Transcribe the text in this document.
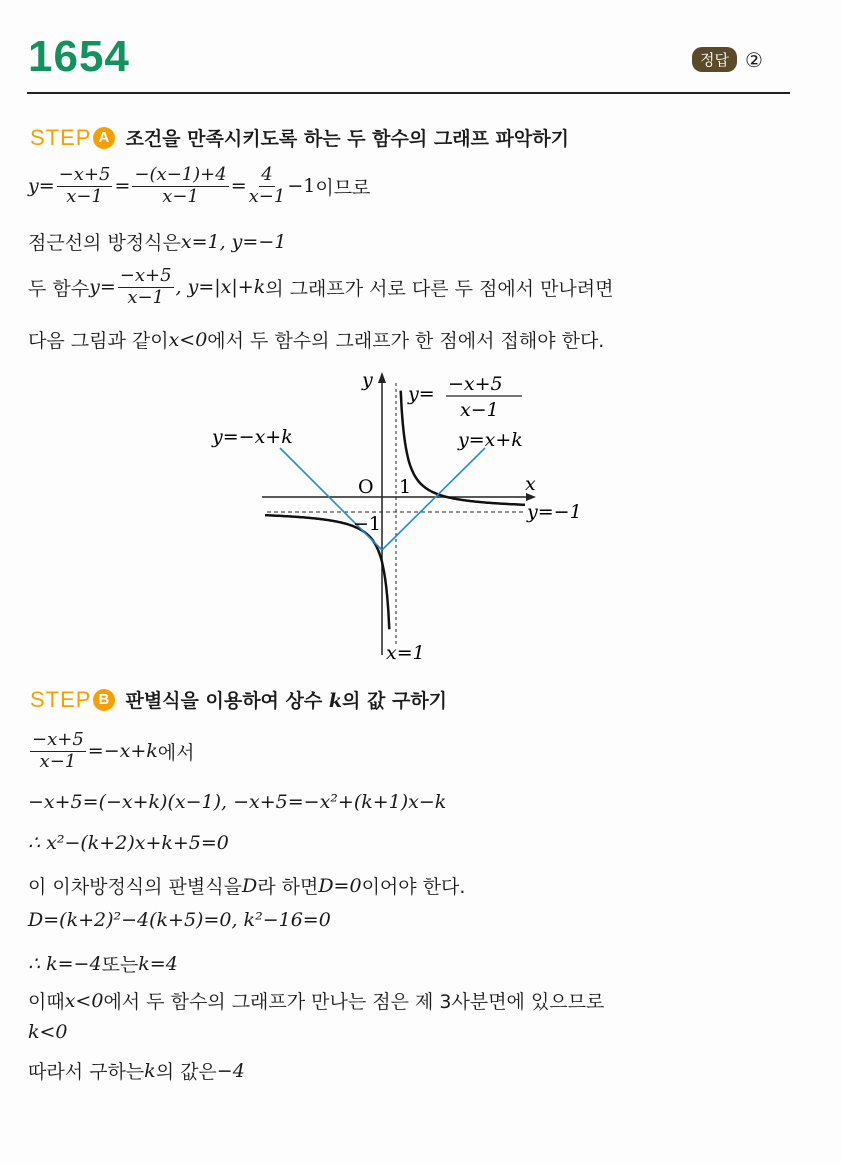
1654	정답 ②
STEP A 조건을 만족시키도록 하는 두 함수의 그래프 파악하기
$y = \frac{-x+5}{x-1} = \frac{-(x-1)+4}{x-1} = \frac{4}{x-1} -1$ 이므로
점근선의 방정식은 x=1, y=−1
두 함수 $y= \frac{-x+5}{x-1}$ , y=|x|+k 의 그래프가 서로 다른 두 점에서 만나려면
다음 그림과 같이 x<0 에서 두 함수의 그래프가 한 점에서 접해야 한다.
y
x
O 1
−1
y= −x+5
x−1
y=−x+k	y=x+k
y=−1
x=1
STEP B 판별식을 이용하여 상수 k의 값 구하기
$\frac{-x+5}{x-1} =-x+k$ 에서
−x+5=(−x+k)(x−1), −x+5=−x²+(k+1)x−k
∴ x²−(k+2)x+k+5=0
이 이차방정식의 판별식을 D 라 하면 D=0 이어야 한다.
D=(k+2)²−4(k+5)=0, k²−16=0
∴ k=−4 또는 k=4
이때 x<0 에서 두 함수의 그래프가 만나는 점은 제 3사분면에 있으므로
k<0
따라서 구하는 k 의 값은 −4
